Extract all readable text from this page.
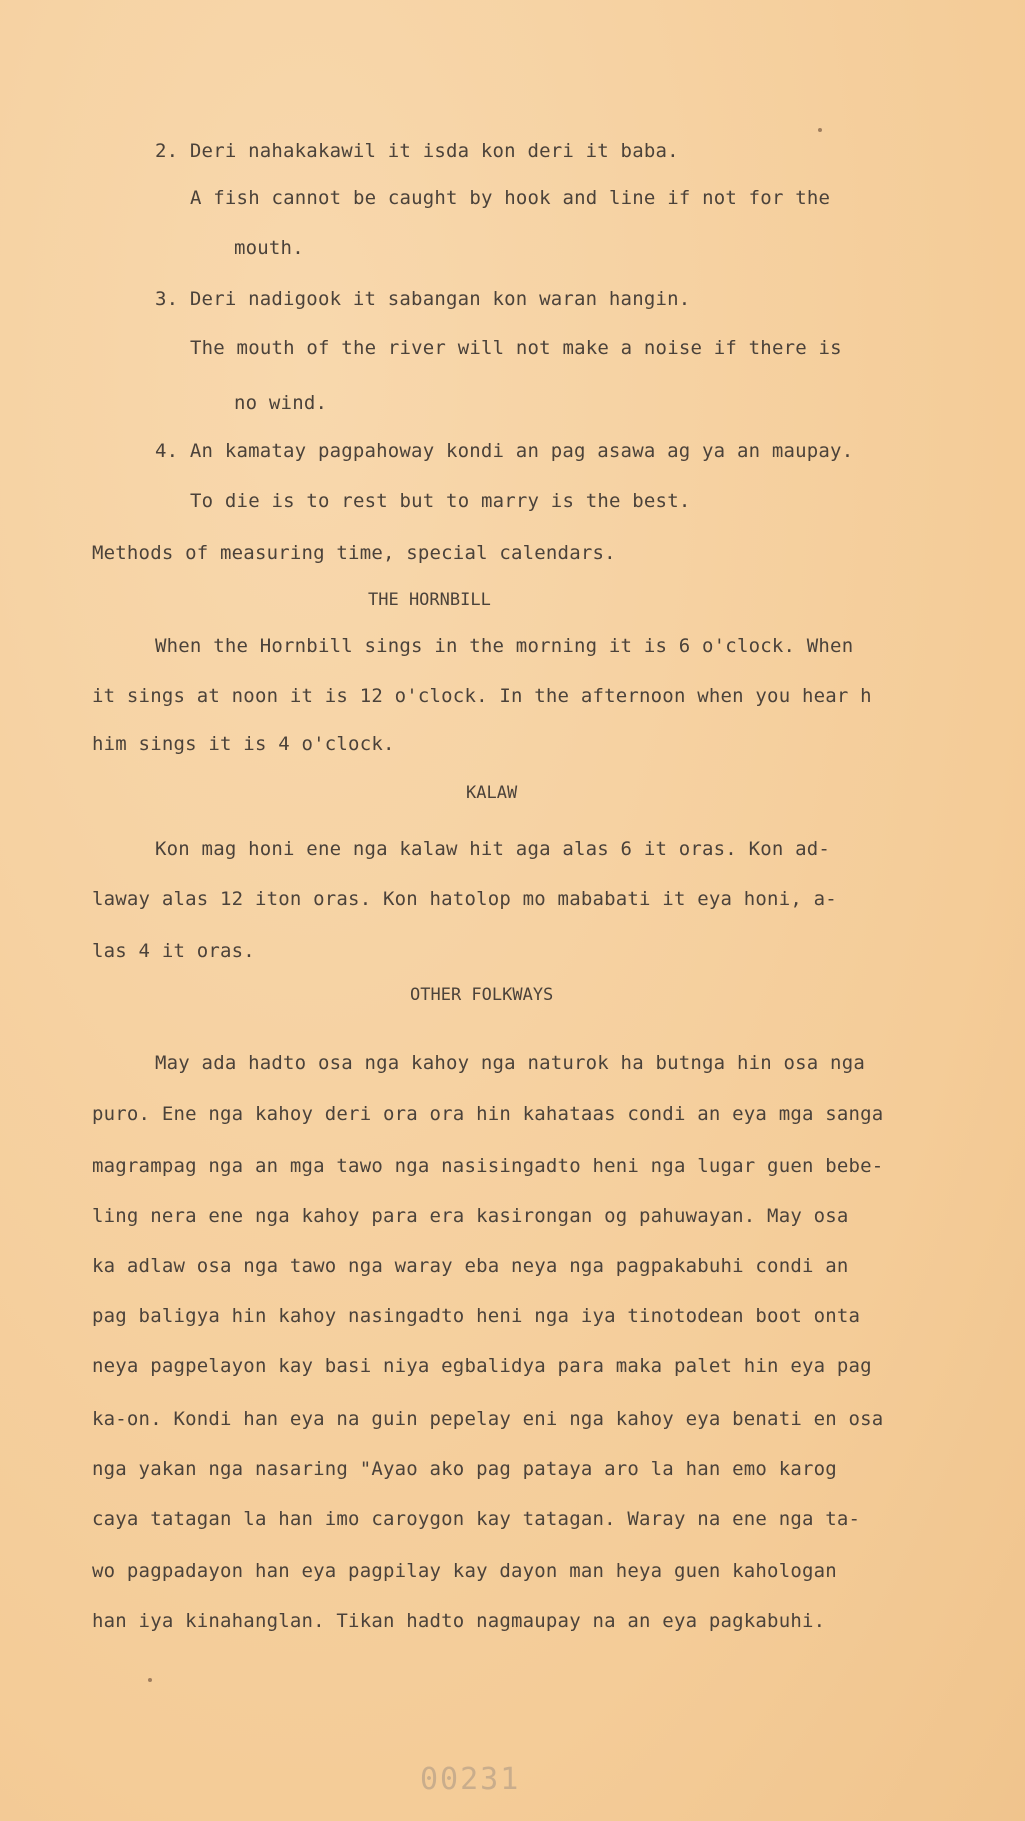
2. Deri nahakakawil it isda kon deri it baba.
A fish cannot be caught by hook and line if not for the
mouth.
3. Deri nadigook it sabangan kon waran hangin.
The mouth of the river will not make a noise if there is
no wind.
4. An kamatay pagpahoway kondi an pag asawa ag ya an maupay.
To die is to rest but to marry is the best.
Methods of measuring time, special calendars.
THE HORNBILL
When the Hornbill sings in the morning it is 6 o'clock. When
it sings at noon it is 12 o'clock. In the afternoon when you hear h
him sings it is 4 o'clock.
KALAW
Kon mag honi ene nga kalaw hit aga alas 6 it oras. Kon ad-
laway alas 12 iton oras. Kon hatolop mo mababati it eya honi, a-
las 4 it oras.
OTHER FOLKWAYS
May ada hadto osa nga kahoy nga naturok ha butnga hin osa nga
puro. Ene nga kahoy deri ora ora hin kahataas condi an eya mga sanga
magrampag nga an mga tawo nga nasisingadto heni nga lugar guen bebe-
ling nera ene nga kahoy para era kasirongan og pahuwayan. May osa
ka adlaw osa nga tawo nga waray eba neya nga pagpakabuhi condi an
pag baligya hin kahoy nasingadto heni nga iya tinotodean boot onta
neya pagpelayon kay basi niya egbalidya para maka palet hin eya pag
ka-on. Kondi han eya na guin pepelay eni nga kahoy eya benati en osa
nga yakan nga nasaring "Ayao ako pag pataya aro la han emo karog
caya tatagan la han imo caroygon kay tatagan. Waray na ene nga ta-
wo pagpadayon han eya pagpilay kay dayon man heya guen kahologan
han iya kinahanglan. Tikan hadto nagmaupay na an eya pagkabuhi.
00231
